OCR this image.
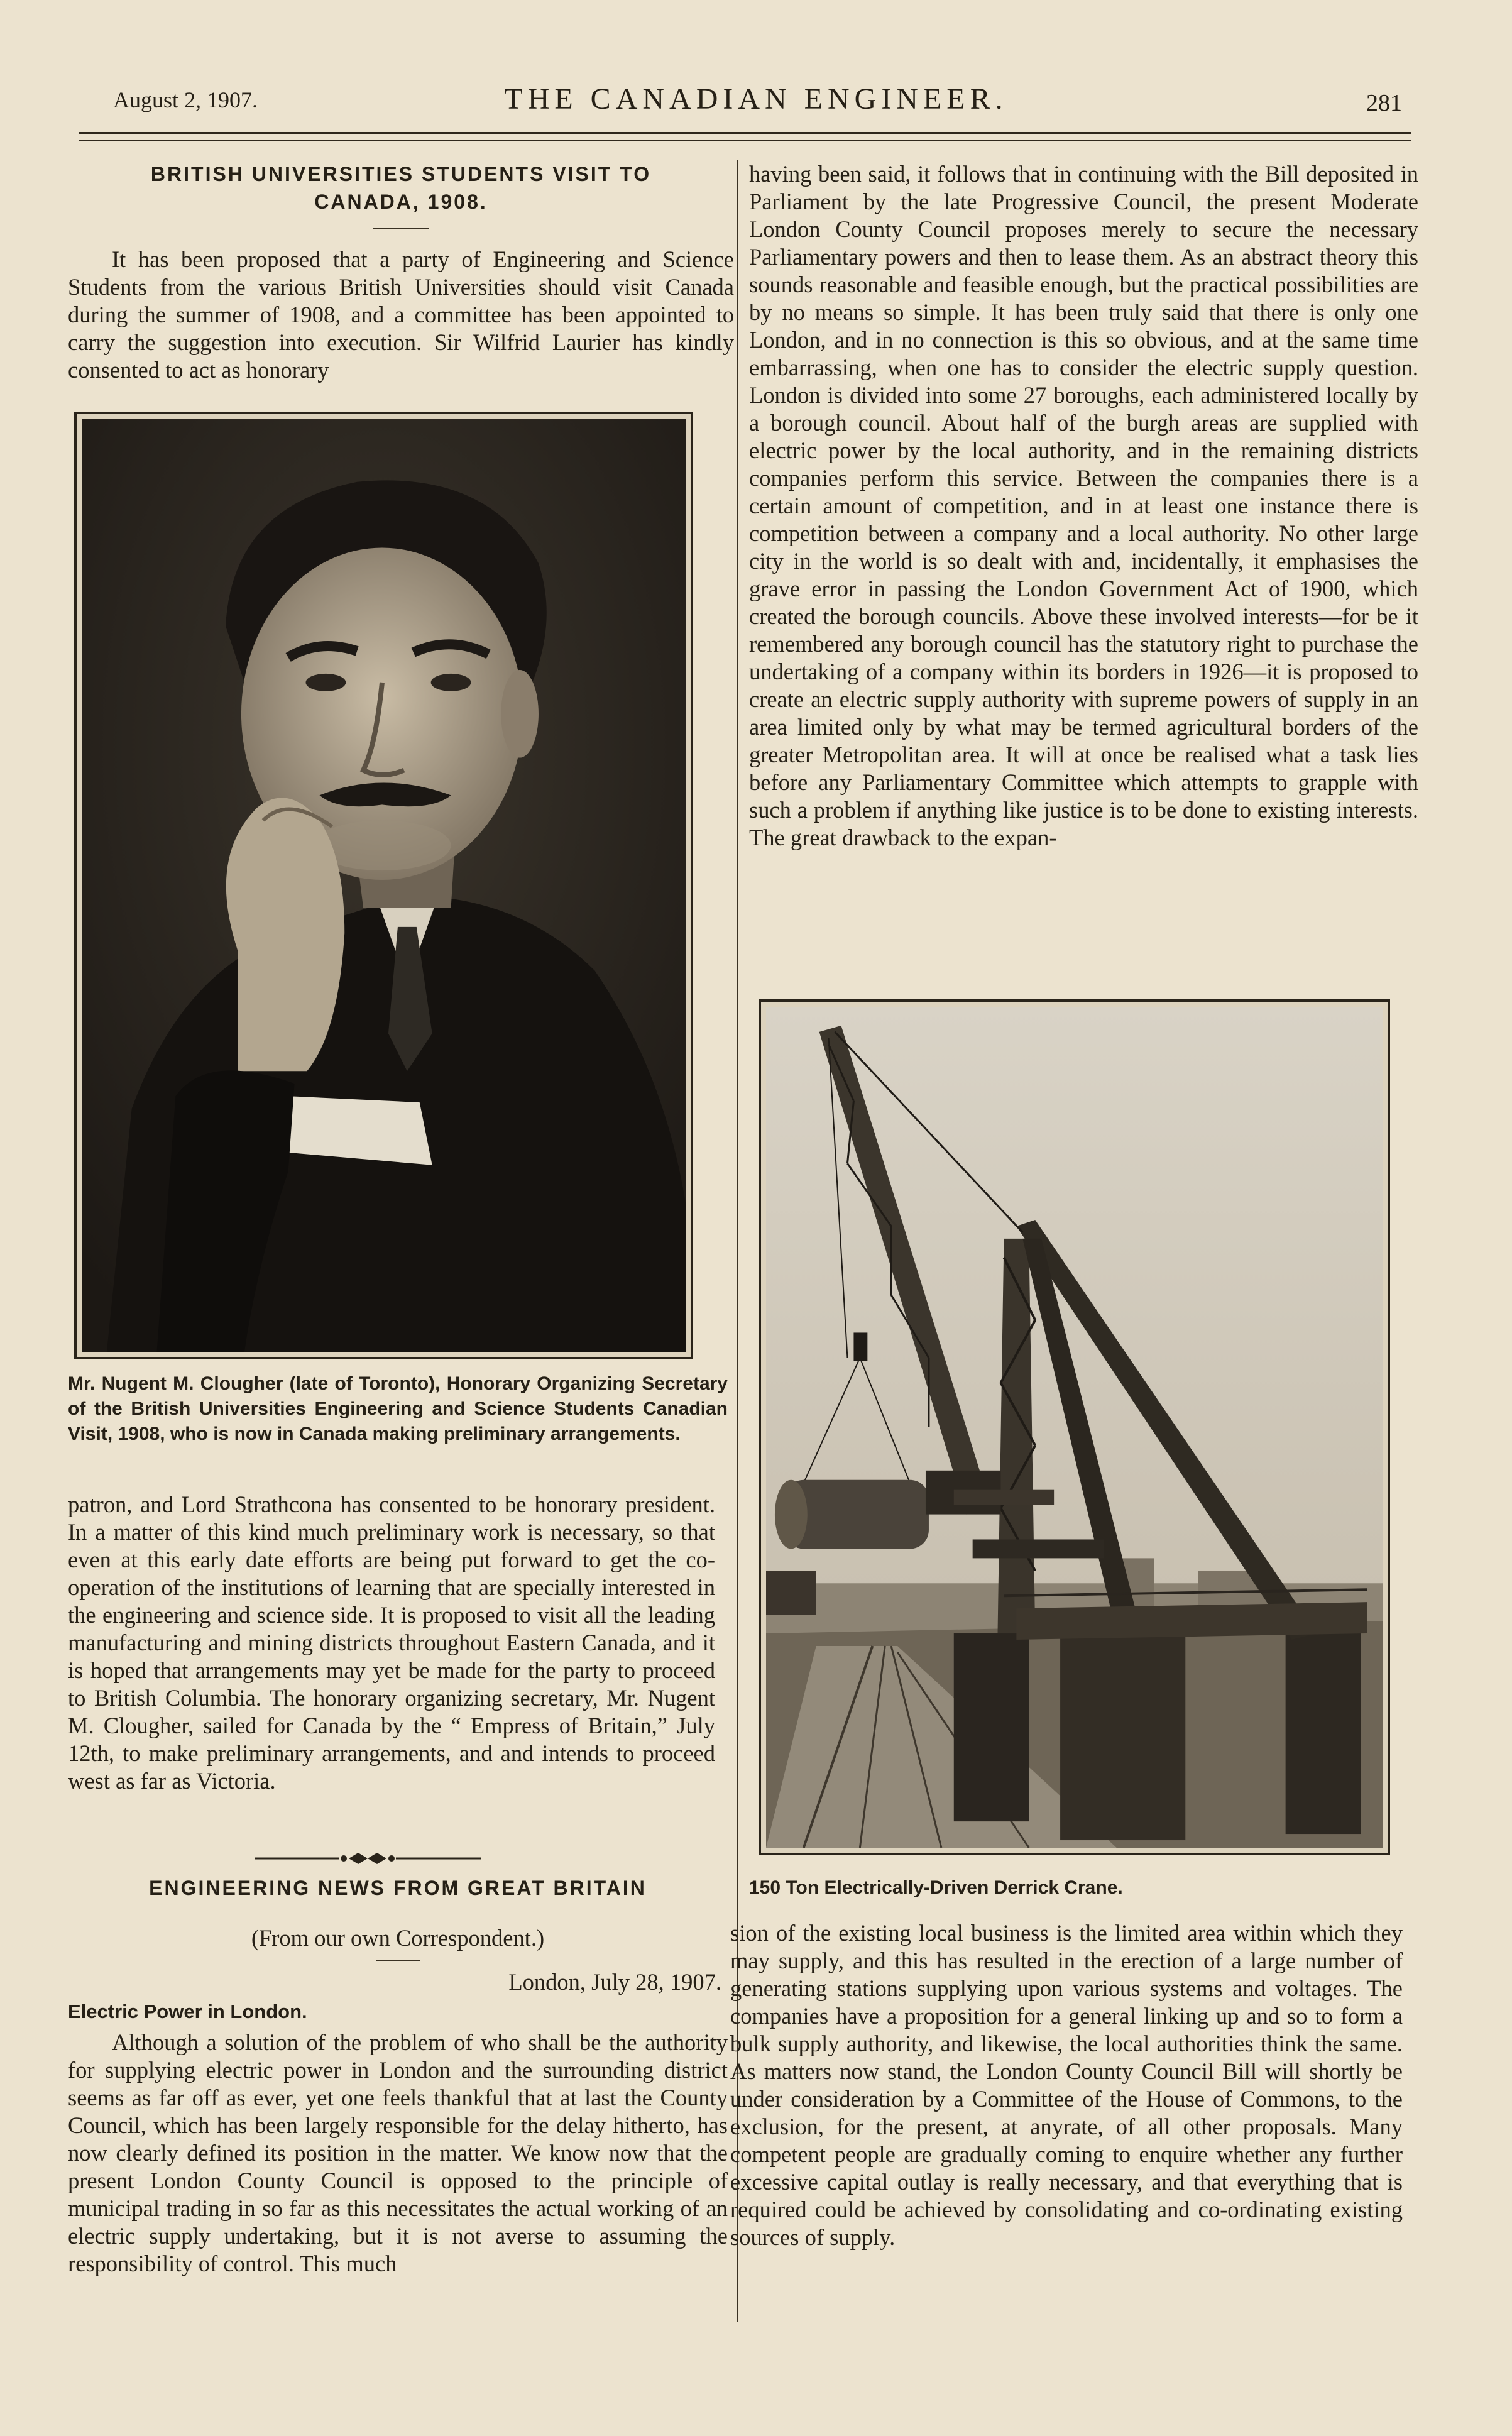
August 2, 1907.	THE CANADIAN ENGINEER.	281
BRITISH UNIVERSITIES STUDENTS VISIT TO
CANADA, 1908.

It has been proposed that a party of Engineering and Science Students from the various British Universities should visit Canada during the summer of 1908, and a committee has been appointed to carry the suggestion into execution. Sir Wilfrid Laurier has kindly consented to act as honorary

Mr. Nugent M. Clougher (late of Toronto), Honorary Organizing Secretary of the British Universities Engineering and Science Students Canadian Visit, 1908, who is now in Canada making preliminary arrangements.

patron, and Lord Strathcona has consented to be honorary president. In a matter of this kind much preliminary work is necessary, so that even at this early date efforts are being put forward to get the co-operation of the institutions of learning that are specially interested in the engineering and science side. It is proposed to visit all the leading manufacturing and mining districts throughout Eastern Canada, and it is hoped that arrangements may yet be made for the party to proceed to British Columbia. The honorary organizing secretary, Mr. Nugent M. Clougher, sailed for Canada by the “ Empress of Britain,” July 12th, to make preliminary arrangements, and and intends to proceed west as far as Victoria.

ENGINEERING NEWS FROM GREAT BRITAIN
(From our own Correspondent.)
London, July 28, 1907.
Electric Power in London.

Although a solution of the problem of who shall be the authority for supplying electric power in London and the surrounding district seems as far off as ever, yet one feels thankful that at last the County Council, which has been largely responsible for the delay hitherto, has now clearly defined its position in the matter. We know now that the present London County Council is opposed to the principle of municipal trading in so far as this necessitates the actual working of an electric supply undertaking, but it is not averse to assuming the responsibility of control. This much

having been said, it follows that in continuing with the Bill deposited in Parliament by the late Progressive Council, the present Moderate London County Council proposes merely to secure the necessary Parliamentary powers and then to lease them. As an abstract theory this sounds reasonable and feasible enough, but the practical possibilities are by no means so simple. It has been truly said that there is only one London, and in no connection is this so obvious, and at the same time embarrassing, when one has to consider the electric supply question. London is divided into some 27 boroughs, each administered locally by a borough council. About half of the burgh areas are supplied with electric power by the local authority, and in the remaining districts companies perform this service. Between the companies there is a certain amount of competition, and in at least one instance there is competition between a company and a local authority. No other large city in the world is so dealt with and, incidentally, it emphasises the grave error in passing the London Government Act of 1900, which created the borough councils. Above these involved interests—for be it remembered any borough council has the statutory right to purchase the undertaking of a company within its borders in 1926—it is proposed to create an electric supply authority with supreme powers of supply in an area limited only by what may be termed agricultural borders of the greater Metropolitan area. It will at once be realised what a task lies before any Parliamentary Committee which attempts to grapple with such a problem if anything like justice is to be done to existing interests. The great drawback to the expan-

150 Ton Electrically-Driven Derrick Crane.

sion of the existing local business is the limited area within which they may supply, and this has resulted in the erection of a large number of generating stations supplying upon various systems and voltages. The companies have a proposition for a general linking up and so to form a bulk supply authority, and likewise, the local authorities think the same. As matters now stand, the London County Council Bill will shortly be under consideration by a Committee of the House of Commons, to the exclusion, for the present, at anyrate, of all other proposals. Many competent people are gradually coming to enquire whether any further excessive capital outlay is really necessary, and that everything that is required could be achieved by consolidating and co-ordinating existing sources of supply.
